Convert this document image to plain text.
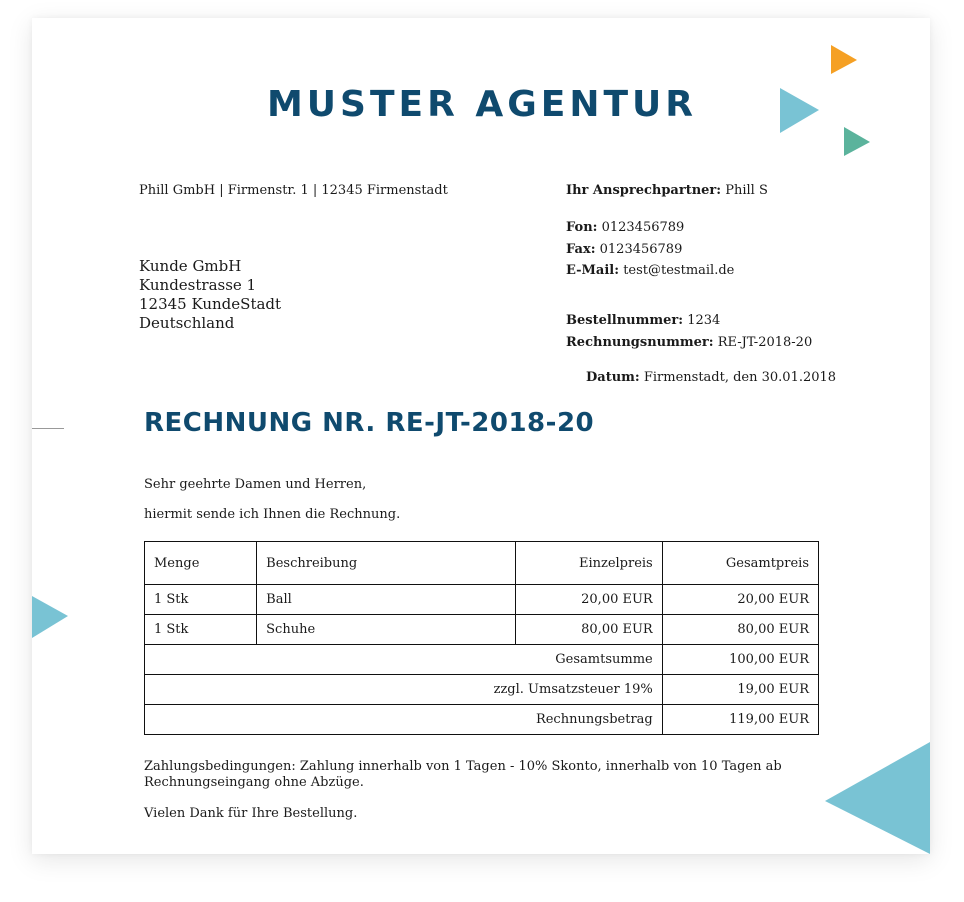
MUSTER AGENTUR
Phill GmbH | Firmenstr. 1 | 12345 Firmenstadt
Kunde GmbH
Kundestrasse 1
12345 KundeStadt
Deutschland
Ihr Ansprechpartner: Phill S
Fon: 0123456789
Fax: 0123456789
E-Mail: test@testmail.de
Bestellnummer: 1234
Rechnungsnummer: RE-JT-2018-20
Datum: Firmenstadt, den 30.01.2018
RECHNUNG NR. RE-JT-2018-20
Sehr geehrte Damen und Herren,
hiermit sende ich Ihnen die Rechnung.
Menge	Beschreibung	Einzelpreis	Gesamtpreis
1 Stk	Ball	20,00 EUR	20,00 EUR
1 Stk	Schuhe	80,00 EUR	80,00 EUR
Gesamtsumme			100,00 EUR
zzgl. Umsatzsteuer 19%			19,00 EUR
Rechnungsbetrag			119,00 EUR
Zahlungsbedingungen: Zahlung innerhalb von 1 Tagen - 10% Skonto, innerhalb von 10 Tagen ab Rechnungseingang ohne Abzüge.
Vielen Dank für Ihre Bestellung.
